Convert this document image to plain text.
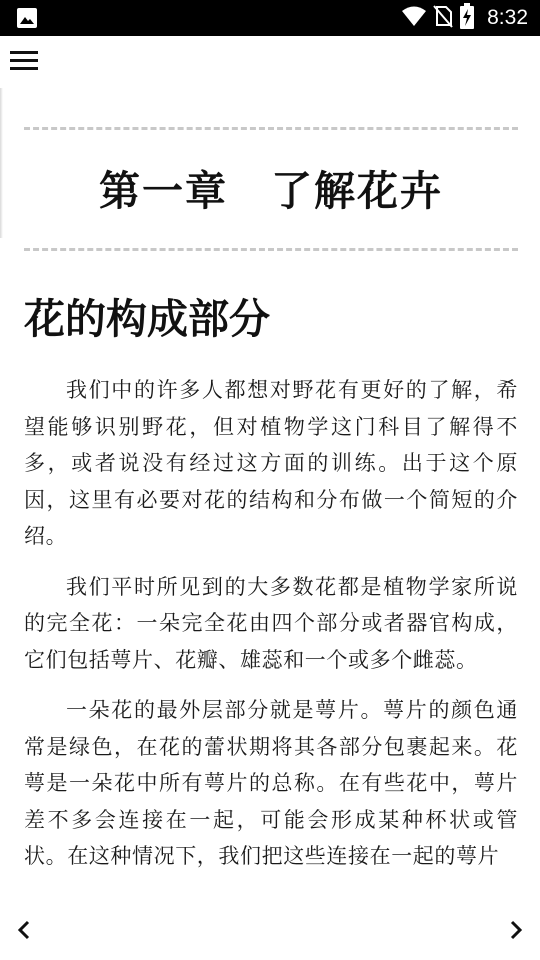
8:32
第一章　了解花卉
花的构成部分

我们中的许多人都想对野花有更好的了解，希望能够识别野花，但对植物学这门科目了解得不多，或者说没有经过这方面的训练。出于这个原因，这里有必要对花的结构和分布做一个简短的介绍。

我们平时所见到的大多数花都是植物学家所说的完全花：一朵完全花由四个部分或者器官构成，它们包括萼片、花瓣、雄蕊和一个或多个雌蕊。

一朵花的最外层部分就是萼片。萼片的颜色通常是绿色，在花的蕾状期将其各部分包裹起来。花萼是一朵花中所有萼片的总称。在有些花中，萼片差不多会连接在一起，可能会形成某种杯状或管状。在这种情况下，我们把这些连接在一起的萼片
